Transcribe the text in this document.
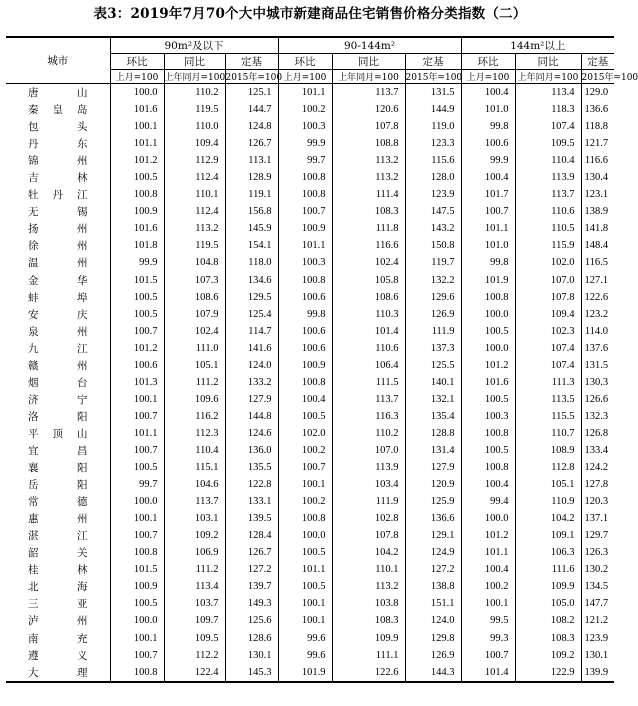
表3：2019年7月70个大中城市新建商品住宅销售价格分类指数（二）
城市	90m²及以下			90-144m²			144m²以上		
	环比	同比	定基	环比	同比	定基	环比	同比	定基
	上月=100	上年同月=100	2015年=100	上月=100	上年同月=100	2015年=100	上月=100	上年同月=100	2015年=100

唐 山	100.0	110.2	125.1	101.1	113.7	131.5	100.4	113.4	129.0

秦 皇 岛	101.6	119.5	144.7	100.2	120.6	144.9	101.0	118.3	136.6

包 头	100.1	110.0	124.8	100.3	107.8	119.0	99.8	107.4	118.8

丹 东	101.1	109.4	126.7	99.9	108.8	123.3	100.6	109.5	121.7

锦 州	101.2	112.9	113.1	99.7	113.2	115.6	99.9	110.4	116.6

吉 林	100.5	112.4	128.9	100.8	113.2	128.0	100.4	113.9	130.4

牡 丹 江	100.8	110.1	119.1	100.8	111.4	123.9	101.7	113.7	123.1

无 锡	100.9	112.4	156.8	100.7	108.3	147.5	100.7	110.6	138.9

扬 州	101.6	113.2	145.9	100.9	111.8	143.2	101.1	110.5	141.8

徐 州	101.8	119.5	154.1	101.1	116.6	150.8	101.0	115.9	148.4

温 州	99.9	104.8	118.0	100.3	102.4	119.7	99.8	102.0	116.5

金 华	101.5	107.3	134.6	100.8	105.8	132.2	101.9	107.0	127.1

蚌 埠	100.5	108.6	129.5	100.6	108.6	129.6	100.8	107.8	122.6

安 庆	100.5	107.9	125.4	99.8	110.3	126.9	100.0	109.4	123.2

泉 州	100.7	102.4	114.7	100.6	101.4	111.9	100.5	102.3	114.0

九 江	101.2	111.0	141.6	100.6	110.6	137.3	100.0	107.4	137.6

赣 州	100.6	105.1	124.0	100.9	106.4	125.5	101.2	107.4	131.5

烟 台	101.3	111.2	133.2	100.8	111.5	140.1	101.6	111.3	130.3

济 宁	100.1	109.6	127.9	100.4	113.7	132.1	100.5	113.5	126.6

洛 阳	100.7	116.2	144.8	100.5	116.3	135.4	100.3	115.5	132.3

平 顶 山	101.1	112.3	124.6	102.0	110.2	128.8	100.8	110.7	126.8

宜 昌	100.7	110.4	136.0	100.2	107.0	131.4	100.5	108.9	133.4

襄 阳	100.5	115.1	135.5	100.7	113.9	127.9	100.8	112.8	124.2

岳 阳	99.7	104.6	122.8	100.1	103.4	120.9	100.4	105.1	127.8

常 德	100.0	113.7	133.1	100.2	111.9	125.9	99.4	110.9	120.3

惠 州	100.1	103.1	139.5	100.8	102.8	136.6	100.0	104.2	137.1

湛 江	100.7	109.2	128.4	100.0	107.8	129.1	101.2	109.1	129.7

韶 关	100.8	106.9	126.7	100.5	104.2	124.9	101.1	106.3	126.3

桂 林	101.5	111.2	127.2	101.1	110.1	127.2	100.4	111.6	130.2

北 海	100.9	113.4	139.7	100.5	113.2	138.8	100.2	109.9	134.5

三 亚	100.5	103.7	149.3	100.1	103.8	151.1	100.1	105.0	147.7

泸 州	100.0	109.7	125.6	100.1	108.3	124.0	99.5	108.2	121.2

南 充	100.1	109.5	128.6	99.6	109.9	129.8	99.3	108.3	123.9

遵 义	100.7	112.2	130.1	99.6	111.1	126.9	100.7	109.2	130.1

大 理	100.8	122.4	145.3	101.9	122.6	144.3	101.4	122.9	139.9
